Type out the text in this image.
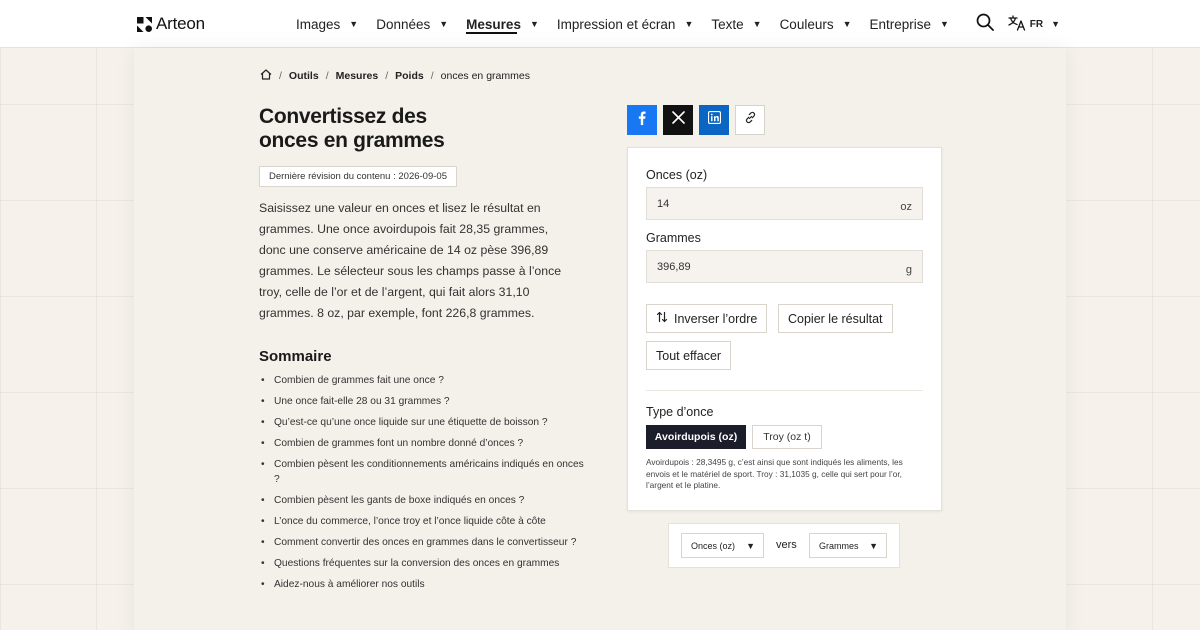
Arteon	Images ▼ Données ▼ Mesures ▼ Impression et écran ▼ Texte ▼ Couleurs ▼ Entreprise ▼	FR ▼
/ Outils / Mesures / Poids / onces en grammes
Convertissez des
onces en grammes
Dernière révision du contenu : 2026-09-05

Saisissez une valeur en onces et lisez le résultat en grammes. Une once avoirdupois fait 28,35 grammes, donc une conserve américaine de 14 oz pèse 396,89 grammes. Le sélecteur sous les champs passe à l’once troy, celle de l’or et de l’argent, qui fait alors 31,10 grammes. 8 oz, par exemple, font 226,8 grammes.

Sommaire
• Combien de grammes fait une once ?
• Une once fait-elle 28 ou 31 grammes ?
• Qu’est-ce qu’une once liquide sur une étiquette de boisson ?
• Combien de grammes font un nombre donné d’onces ?
• Combien pèsent les conditionnements américains indiqués en onces ?
• Combien pèsent les gants de boxe indiqués en onces ?
• L’once du commerce, l’once troy et l’once liquide côte à côte
• Comment convertir des onces en grammes dans le convertisseur ?
• Questions fréquentes sur la conversion des onces en grammes
• Aidez-nous à améliorer nos outils
Onces (oz)
14
oz
Grammes
396,89
g
Inverser l’ordre	Copier le résultat
Tout effacer
Type d’once
Avoirdupois (oz)	Troy (oz t)

Avoirdupois : 28,3495 g, c’est ainsi que sont indiqués les aliments, les envois et le matériel de sport. Troy : 31,1035 g, celle qui sert pour l’or, l’argent et le platine.

Onces (oz) ▼ vers Grammes ▼
